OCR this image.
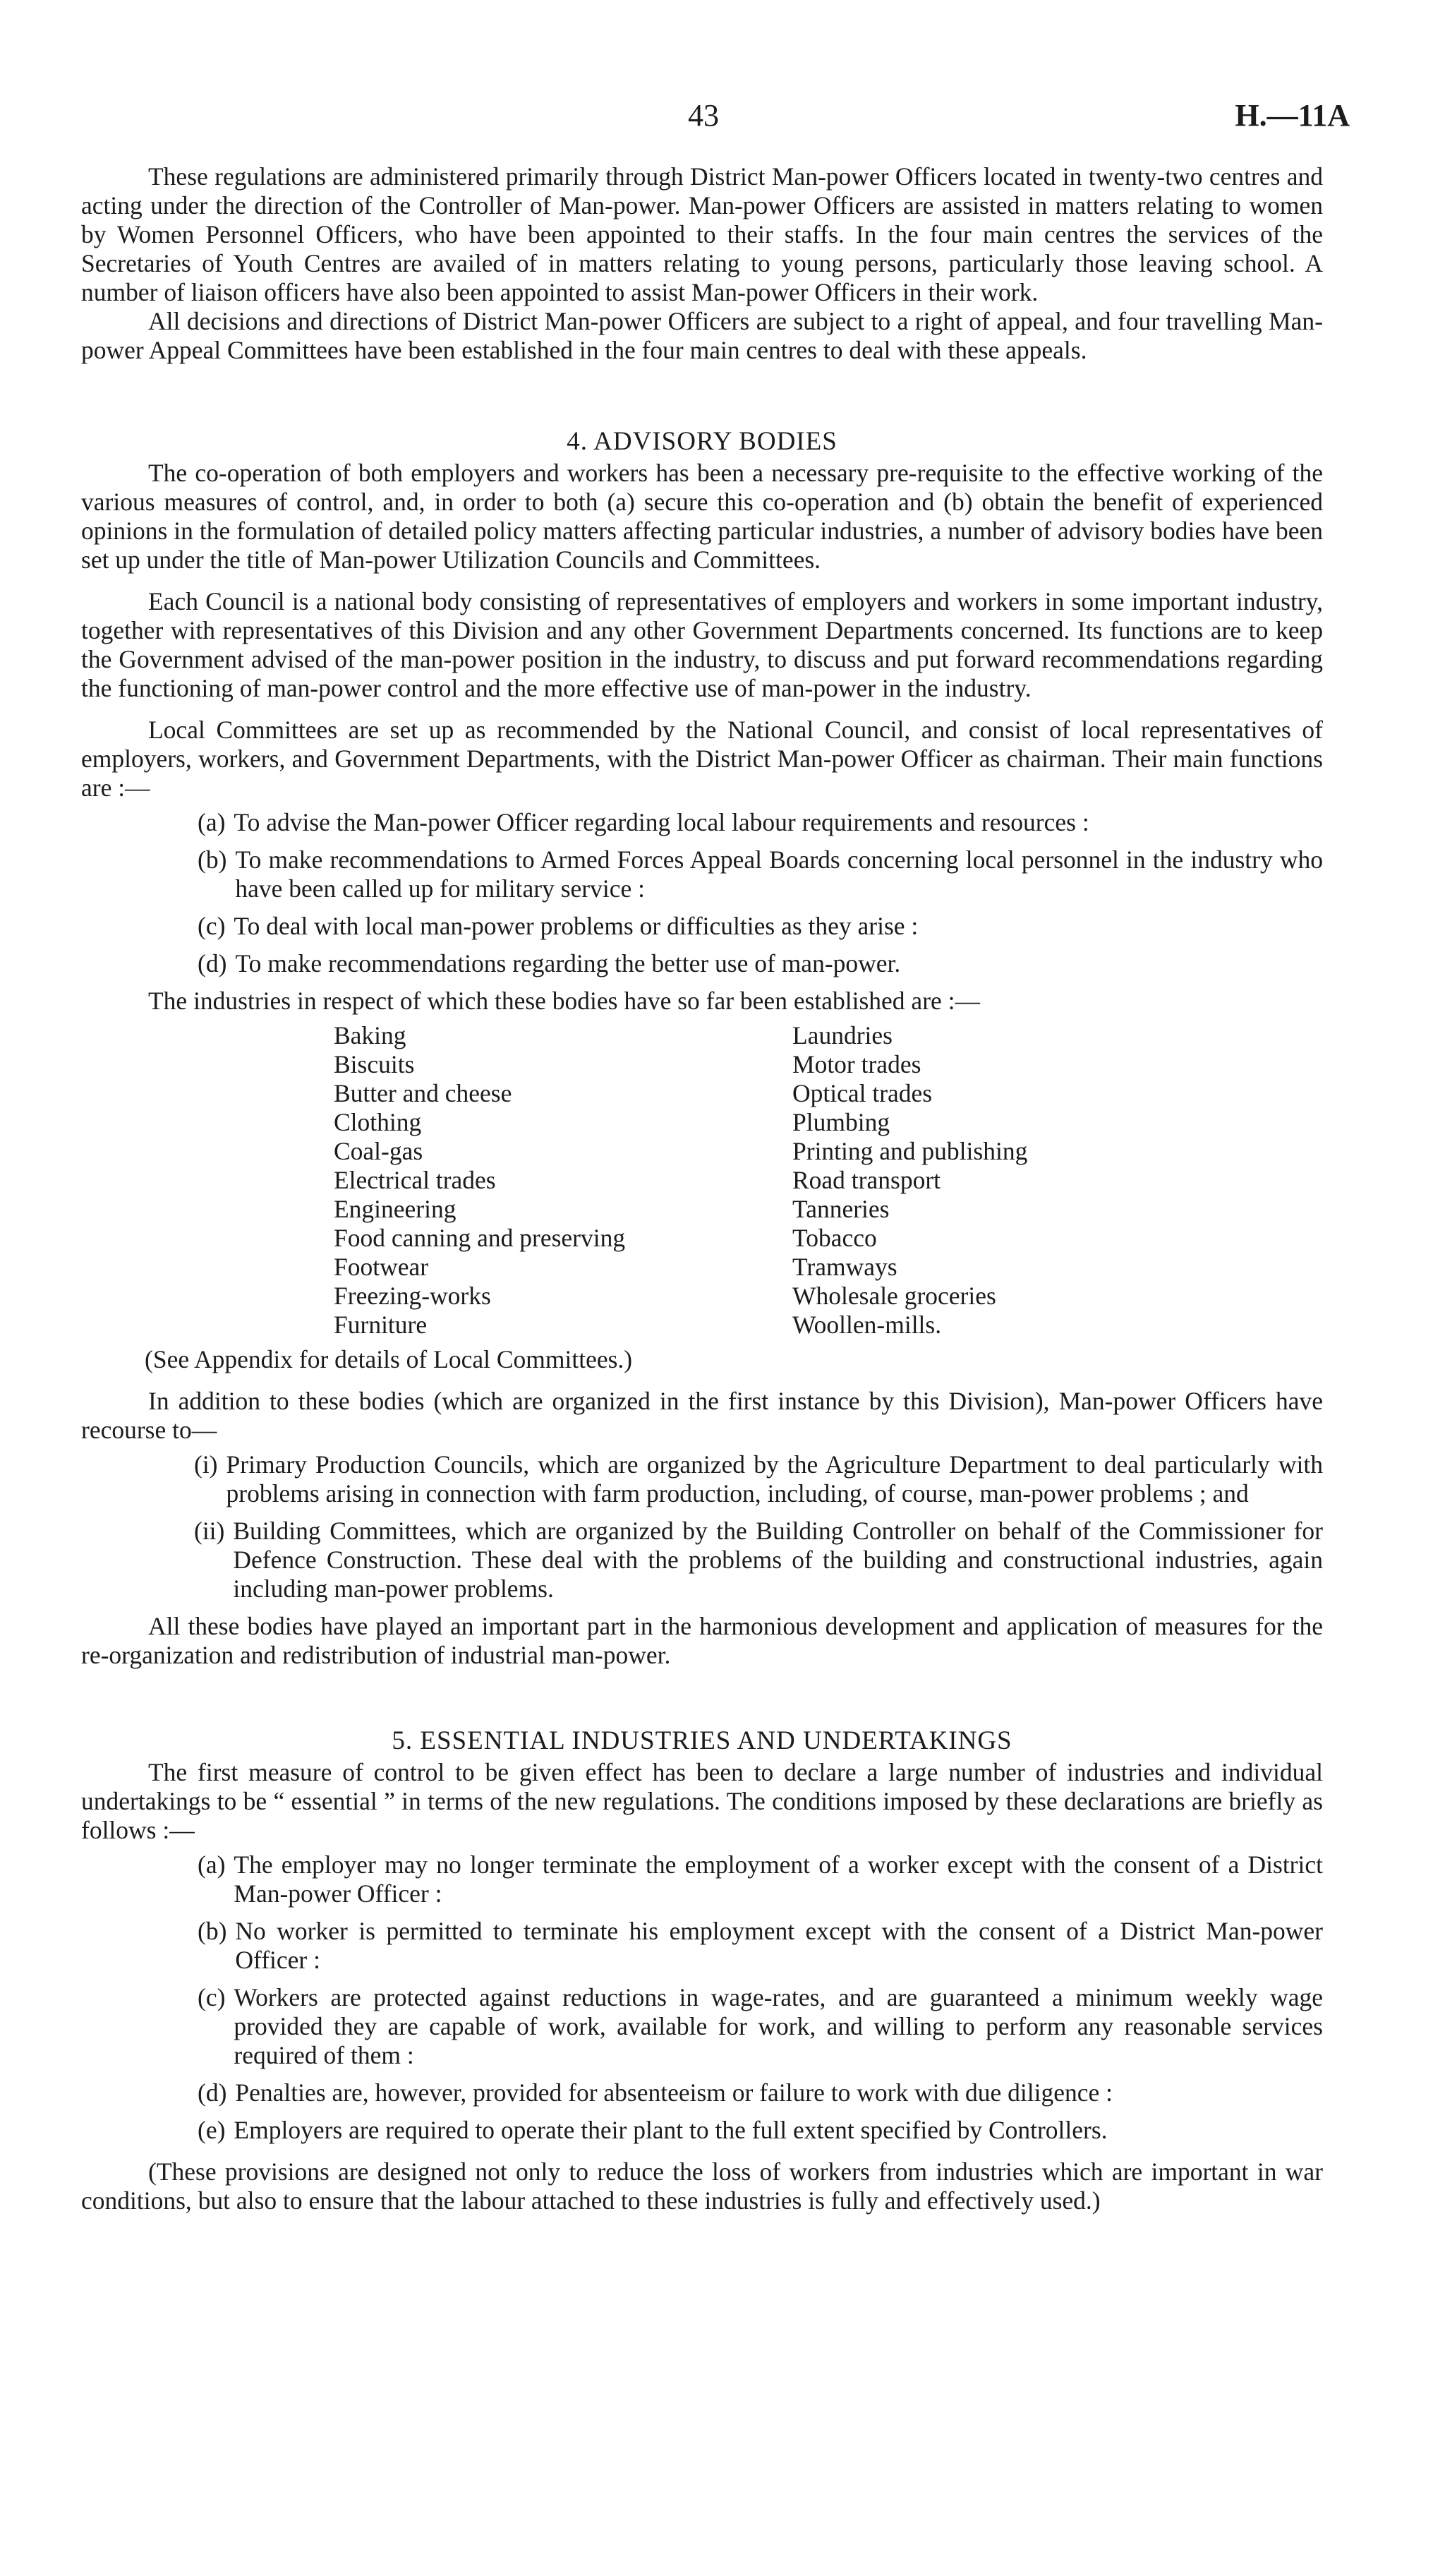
43	H.—11A

These regulations are administered primarily through District Man-power Officers located in twenty-two centres and acting under the direction of the Controller of Man-power. Man-power Officers are assisted in matters relating to women by Women Personnel Officers, who have been appointed to their staffs. In the four main centres the services of the Secretaries of Youth Centres are availed of in matters relating to young persons, particularly those leaving school. A number of liaison officers have also been appointed to assist Man-power Officers in their work.

All decisions and directions of District Man-power Officers are subject to a right of appeal, and four travelling Man-power Appeal Committees have been established in the four main centres to deal with these appeals.

4. ADVISORY BODIES

The co-operation of both employers and workers has been a necessary pre-requisite to the effective working of the various measures of control, and, in order to both (a) secure this co-operation and (b) obtain the benefit of experienced opinions in the formulation of detailed policy matters affecting particular industries, a number of advisory bodies have been set up under the title of Man-power Utilization Councils and Committees.

Each Council is a national body consisting of representatives of employers and workers in some important industry, together with representatives of this Division and any other Government Departments concerned. Its functions are to keep the Government advised of the man-power position in the industry, to discuss and put forward recommendations regarding the functioning of man-power control and the more effective use of man-power in the industry.

Local Committees are set up as recommended by the National Council, and consist of local representatives of employers, workers, and Government Departments, with the District Man-power Officer as chairman. Their main functions are :—

(a) To advise the Man-power Officer regarding local labour requirements and resources :
(b) To make recommendations to Armed Forces Appeal Boards concerning local personnel in the industry who have been called up for military service :
(c) To deal with local man-power problems or difficulties as they arise :
(d) To make recommendations regarding the better use of man-power.

The industries in respect of which these bodies have so far been established are :—

Baking
Biscuits
Butter and cheese
Clothing
Coal-gas
Electrical trades
Engineering
Food canning and preserving
Footwear
Freezing-works
Furniture
Laundries
Motor trades
Optical trades
Plumbing
Printing and publishing
Road transport
Tanneries
Tobacco
Tramways
Wholesale groceries
Woollen-mills.

(See Appendix for details of Local Committees.)

In addition to these bodies (which are organized in the first instance by this Division), Man-power Officers have recourse to—

(i) Primary Production Councils, which are organized by the Agriculture Department to deal particularly with problems arising in connection with farm production, including, of course, man-power problems ; and
(ii) Building Committees, which are organized by the Building Controller on behalf of the Commissioner for Defence Construction. These deal with the problems of the building and constructional industries, again including man-power problems.

All these bodies have played an important part in the harmonious development and application of measures for the re-organization and redistribution of industrial man-power.

5. ESSENTIAL INDUSTRIES AND UNDERTAKINGS

The first measure of control to be given effect has been to declare a large number of industries and individual undertakings to be “ essential ” in terms of the new regulations. The conditions imposed by these declarations are briefly as follows :—

(a) The employer may no longer terminate the employment of a worker except with the consent of a District Man-power Officer :
(b) No worker is permitted to terminate his employment except with the consent of a District Man-power Officer :
(c) Workers are protected against reductions in wage-rates, and are guaranteed a minimum weekly wage provided they are capable of work, available for work, and willing to perform any reasonable services required of them :
(d) Penalties are, however, provided for absenteeism or failure to work with due diligence :
(e) Employers are required to operate their plant to the full extent specified by Controllers.

(These provisions are designed not only to reduce the loss of workers from industries which are important in war conditions, but also to ensure that the labour attached to these industries is fully and effectively used.)
